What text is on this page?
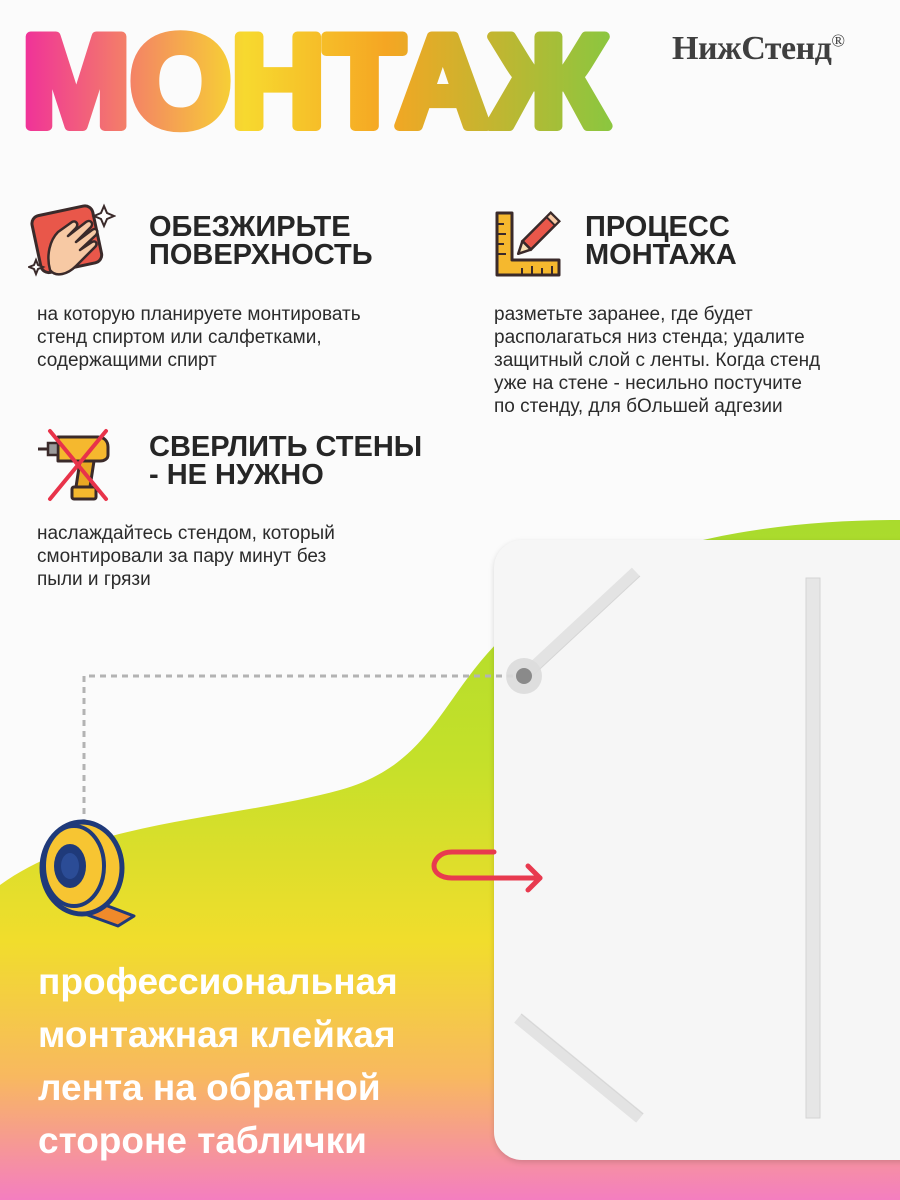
МОНТАЖ НижСтенд®
ОБЕЗЖИРЬТЕ
ПОВЕРХНОСТЬ
на которую планируете монтировать
стенд спиртом или салфетками,
содержащими спирт
ПРОЦЕСС
МОНТАЖА
разметьте заранее, где будет
располагаться низ стенда; удалите
защитный слой с ленты. Когда стенд
уже на стене - несильно постучите
по стенду, для бОльшей адгезии
СВЕРЛИТЬ СТЕНЫ
- НЕ НУЖНО
наслаждайтесь стендом, который
смонтировали за пару минут без
пыли и грязи
профессиональная
монтажная клейкая
лента на обратной
стороне таблички
